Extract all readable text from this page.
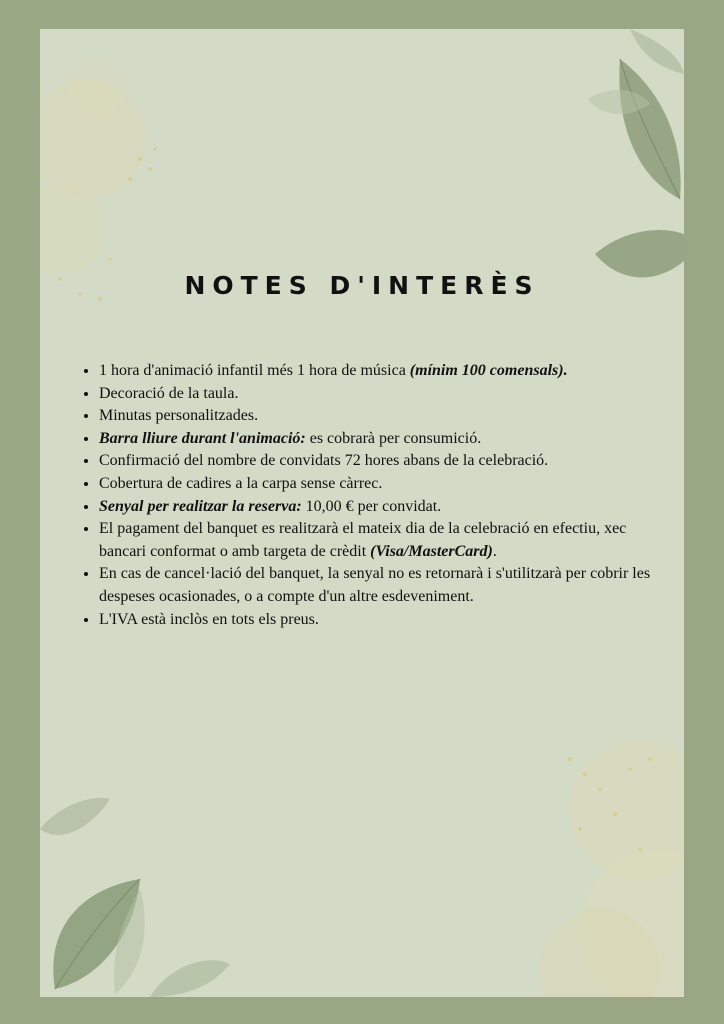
NOTES D'INTERÈS
• 1 hora d'animació infantil més 1 hora de música (mínim 100 comensals).
• Decoració de la taula.
• Minutas personalitzades.
• Barra lliure durant l'animació: es cobrarà per consumició.
• Confirmació del nombre de convidats 72 hores abans de la celebració.
• Cobertura de cadires a la carpa sense càrrec.
• Senyal per realitzar la reserva: 10,00 € per convidat.
• El pagament del banquet es realitzarà el mateix dia de la celebració en efectiu, xec bancari conformat o amb targeta de crèdit (Visa/MasterCard).
• En cas de cancel·lació del banquet, la senyal no es retornarà i s'utilitzarà per cobrir les despeses ocasionades, o a compte d'un altre esdeveniment.
• L'IVA està inclòs en tots els preus.
